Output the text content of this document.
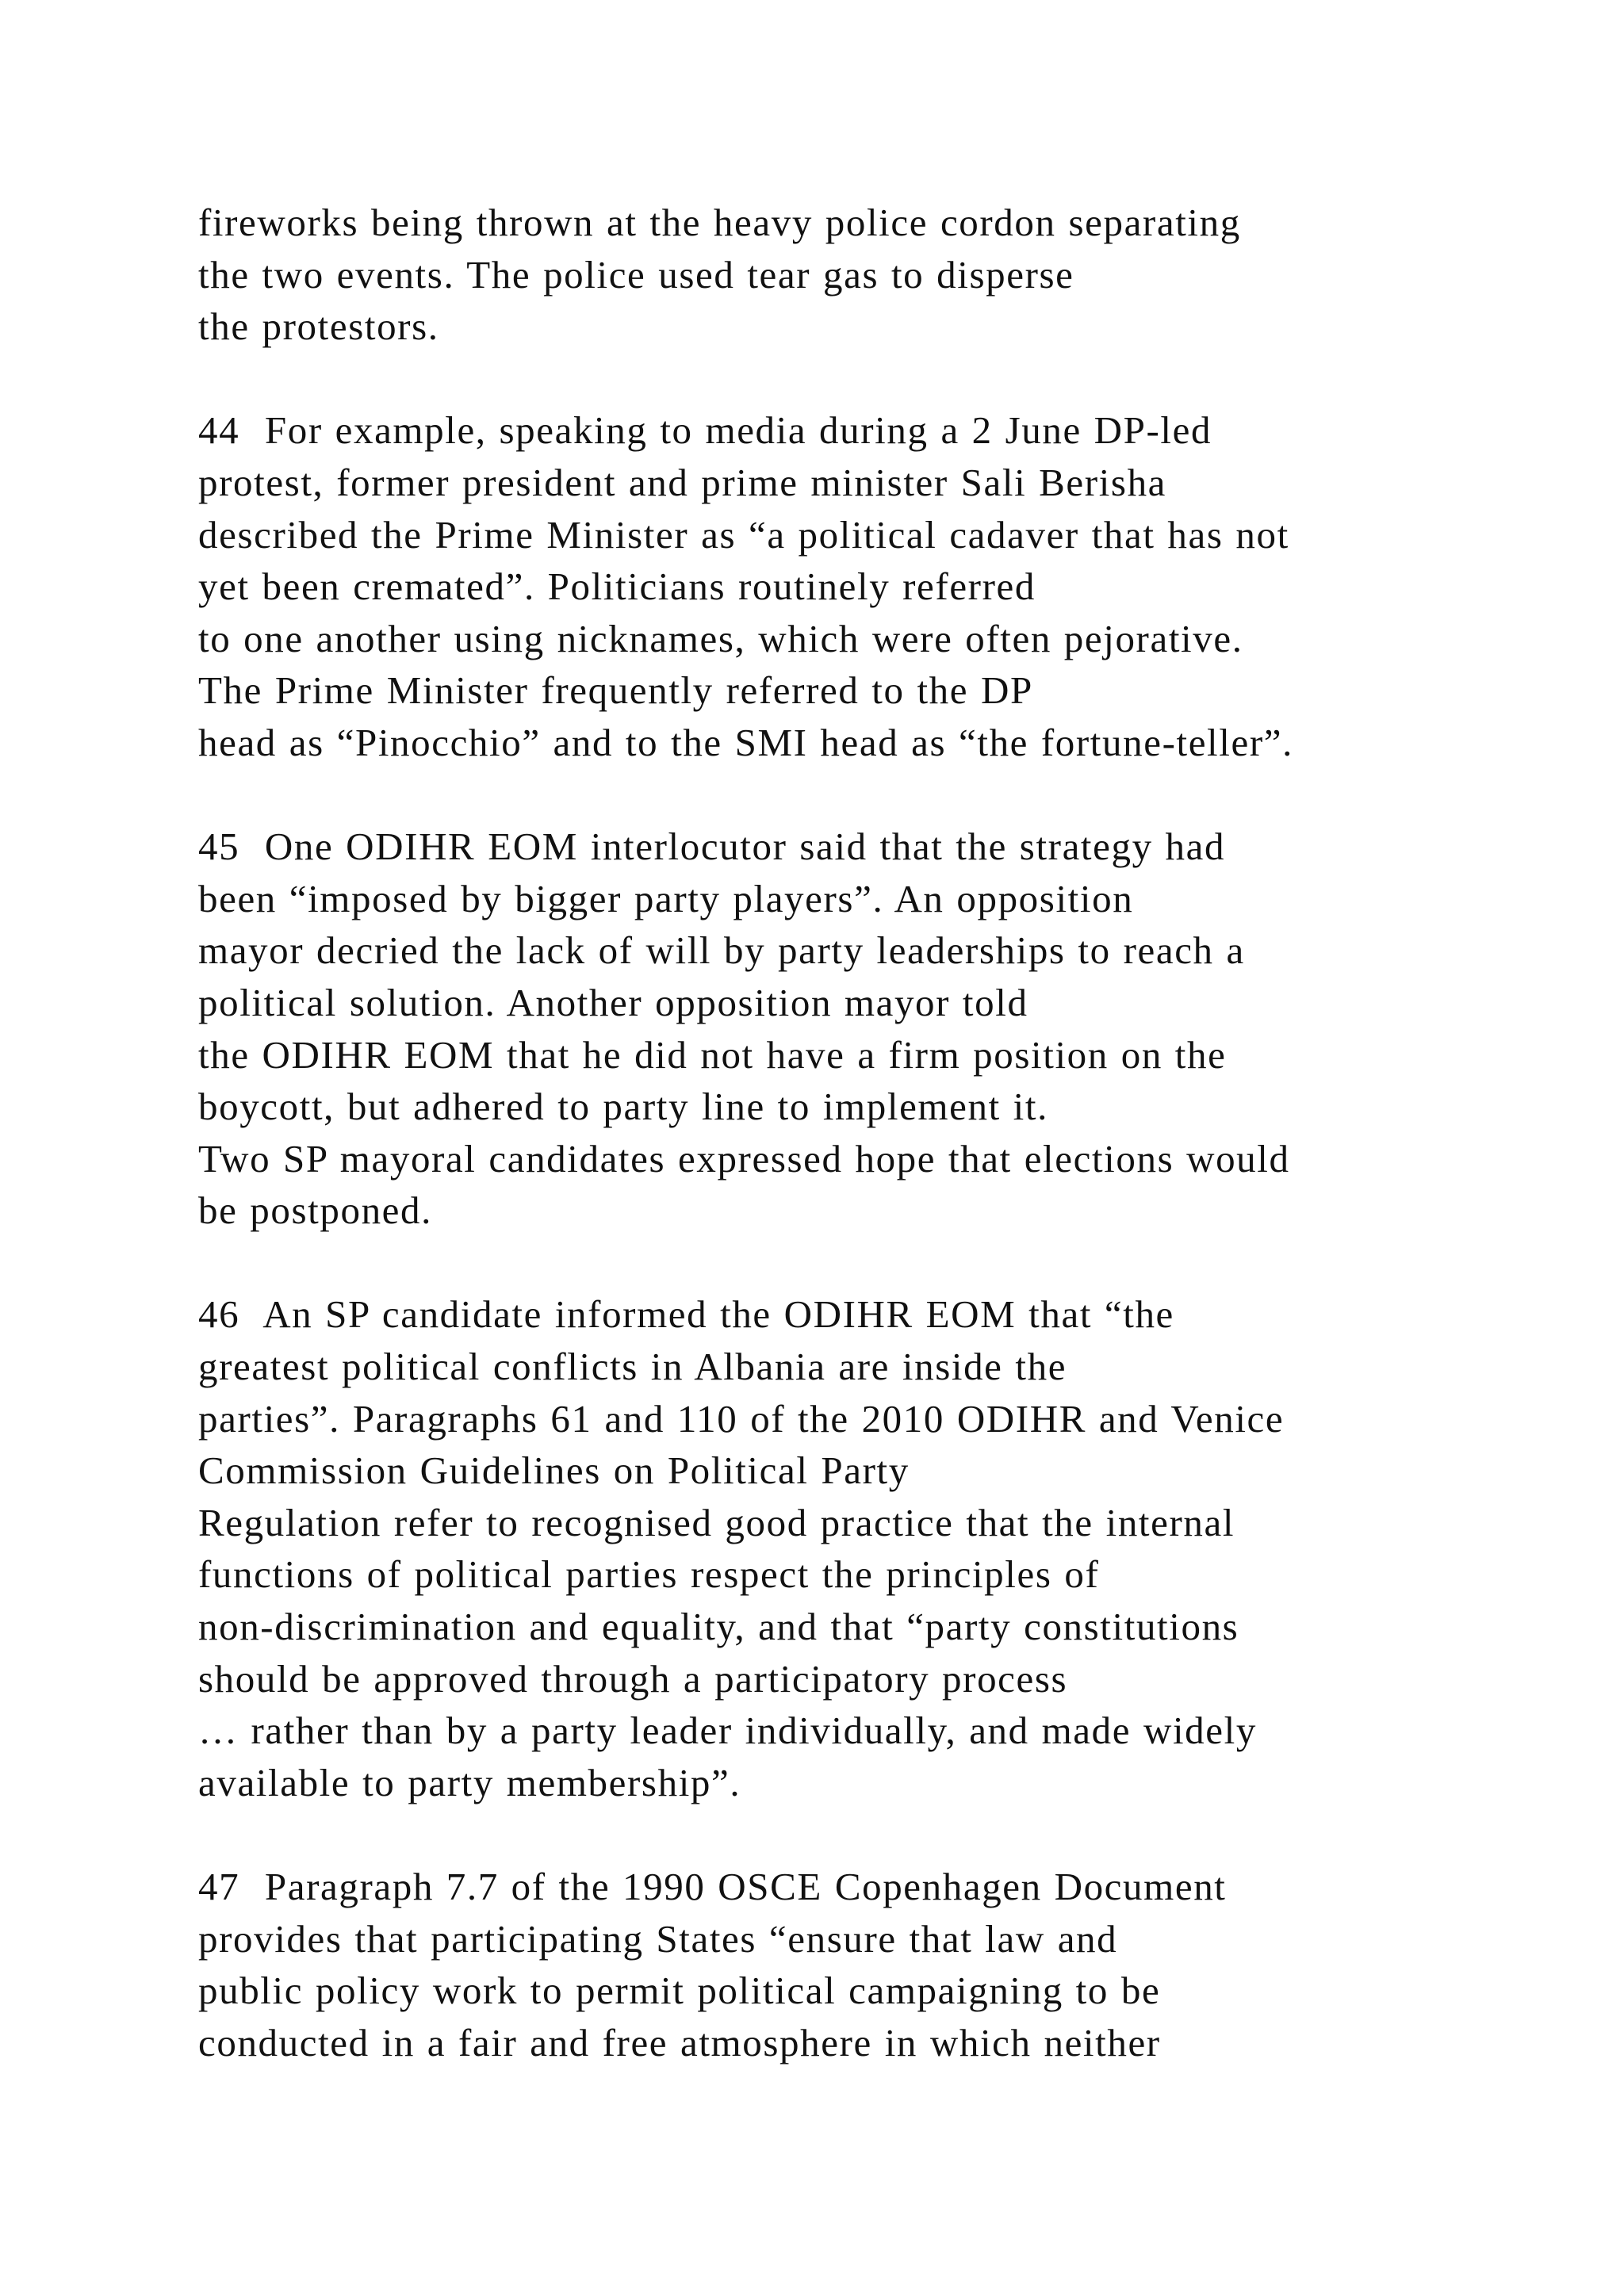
fireworks being thrown at the heavy police cordon separating
the two events. The police used tear gas to disperse
the protestors.
44  For example, speaking to media during a 2 June DP-led
protest, former president and prime minister Sali Berisha
described the Prime Minister as “a political cadaver that has not
yet been cremated”. Politicians routinely referred
to one another using nicknames, which were often pejorative.
The Prime Minister frequently referred to the DP
head as “Pinocchio” and to the SMI head as “the fortune-teller”.
45  One ODIHR EOM interlocutor said that the strategy had
been “imposed by bigger party players”. An opposition
mayor decried the lack of will by party leaderships to reach a
political solution. Another opposition mayor told
the ODIHR EOM that he did not have a firm position on the
boycott, but adhered to party line to implement it.
Two SP mayoral candidates expressed hope that elections would
be postponed.
46  An SP candidate informed the ODIHR EOM that “the
greatest political conflicts in Albania are inside the
parties”. Paragraphs 61 and 110 of the 2010 ODIHR and Venice
Commission Guidelines on Political Party
Regulation refer to recognised good practice that the internal
functions of political parties respect the principles of
non-discrimination and equality, and that “party constitutions
should be approved through a participatory process
… rather than by a party leader individually, and made widely
available to party membership”.
47  Paragraph 7.7 of the 1990 OSCE Copenhagen Document
provides that participating States “ensure that law and
public policy work to permit political campaigning to be
conducted in a fair and free atmosphere in which neither
